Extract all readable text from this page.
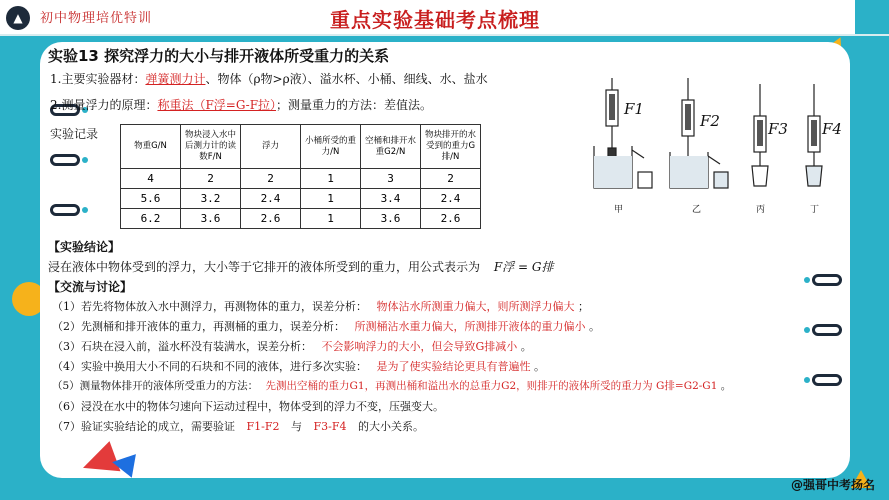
▲	初中物理培优特训	重点实验基础考点梳理
实验13 探究浮力的大小与排开液体所受重力的关系
1.主要实验器材：弹簧测力计、物体（ρ物>ρ液）、溢水杯、小桶、细线、水、盐水
2.测量浮力的原理：称重法（F浮=G-F拉）；测量重力的方法：差值法。
实验记录
物重G/N	物块浸入水中后测力计的读数F/N	浮力	小桶所受的重力/N	空桶和排开水重G2/N	物块排开的水受到的重力G排/N
4	2	2	1	3	2
5.6	3.2	2.4	1	3.4	2.4
6.2	3.6	2.6	1	3.6	2.6
F1
F2	F3 F4
甲	乙	丙	丁
【实验结论】
浸在液体中物体受到的浮力，大小等于它排开的液体所受到的重力，用公式表示为 F浮 = G排
【交流与讨论】
（1）若先将物体放入水中测浮力，再测物体的重力，误差分析： 物体沾水所测重力偏大，则所测浮力偏大 ；
（2）先测桶和排开液体的重力，再测桶的重力，误差分析： 所测桶沾水重力偏大，所测排开液体的重力偏小 。
（3）石块在浸入前，溢水杯没有装满水，误差分析： 不会影响浮力的大小，但会导致G排减小 。
（4）实验中换用大小不同的石块和不同的液体，进行多次实验： 是为了使实验结论更具有普遍性 。
（5）测量物体排开的液体所受重力的方法： 先测出空桶的重力G1，再测出桶和溢出水的总重力G2，则排开的液体所受的重力为 G排=G2-G1 。
（6）浸没在水中的物体匀速向下运动过程中，物体受到的浮力不变，压强变大。
（7）验证实验结论的成立，需要验证 F1-F2 与 F3-F4 的大小关系。
@强哥中考扬名
